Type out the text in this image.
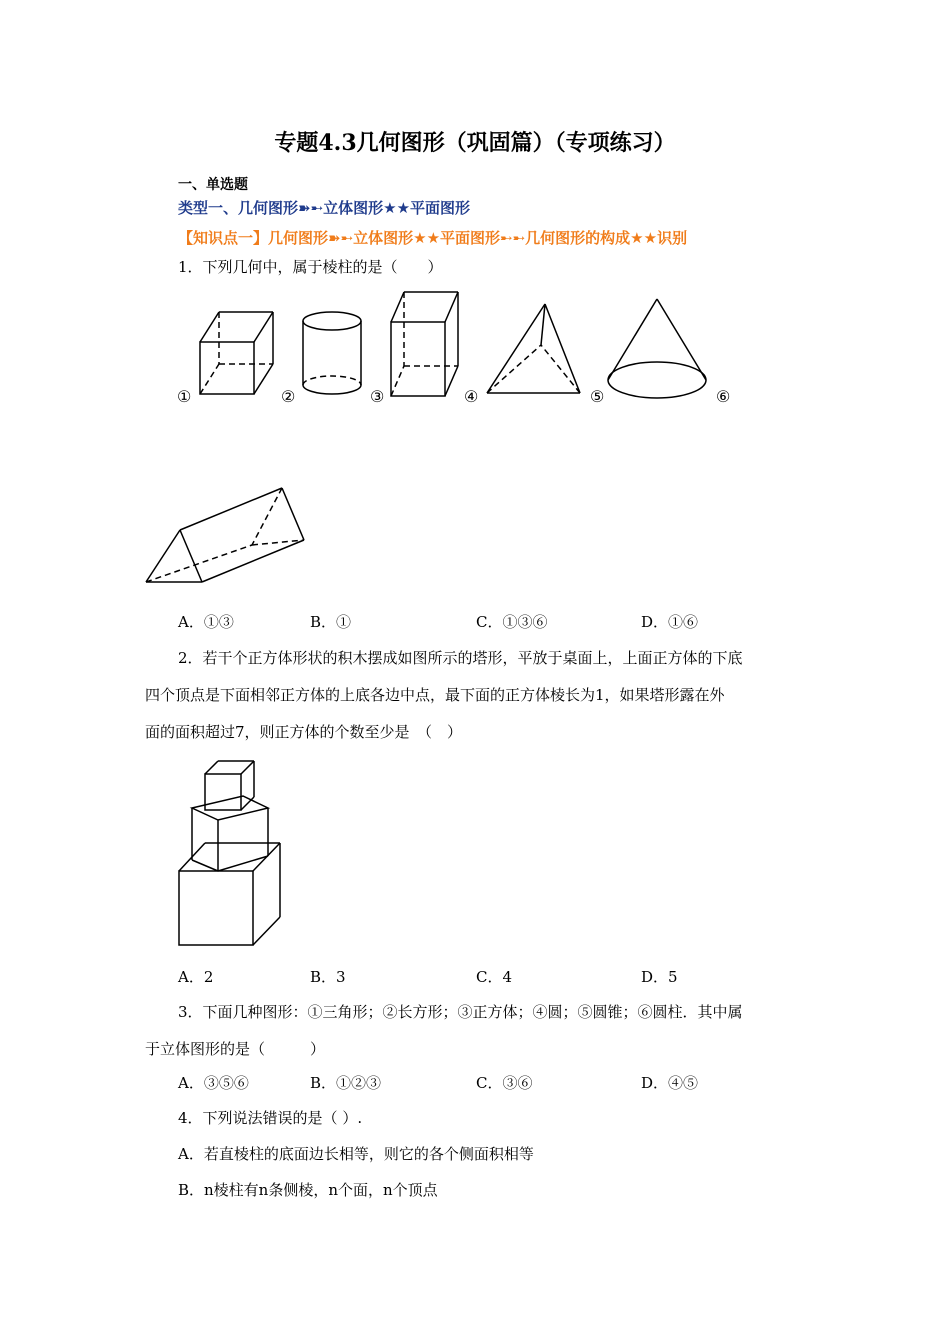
专题4.3几何图形（巩固篇）（专项练习）
一、单选题
类型一、几何图形➽➸立体图形★★平面图形
【知识点一】几何图形➽➸立体图形★★平面图形➸➸几何图形的构成★★识别
1．下列几何中，属于棱柱的是（　　）
①	②	③	④	⑤	⑥
A．①③	B．①	C．①③⑥	D．①⑥
2．若干个正方体形状的积木摆成如图所示的塔形，平放于桌面上，上面正方体的下底
四个顶点是下面相邻正方体的上底各边中点，最下面的正方体棱长为1，如果塔形露在外
面的面积超过7，则正方体的个数至少是　（　）
A．2	B．3	C．4	D．5
3．下面几种图形：①三角形；②长方形；③正方体；④圆；⑤圆锥；⑥圆柱．其中属
于立体图形的是（　　　）
A．③⑤⑥	B．①②③	C．③⑥	D．④⑤
4．下列说法错误的是（ ）.
A．若直棱柱的底面边长相等，则它的各个侧面积相等
B．n棱柱有n条侧棱，n个面，n个顶点
